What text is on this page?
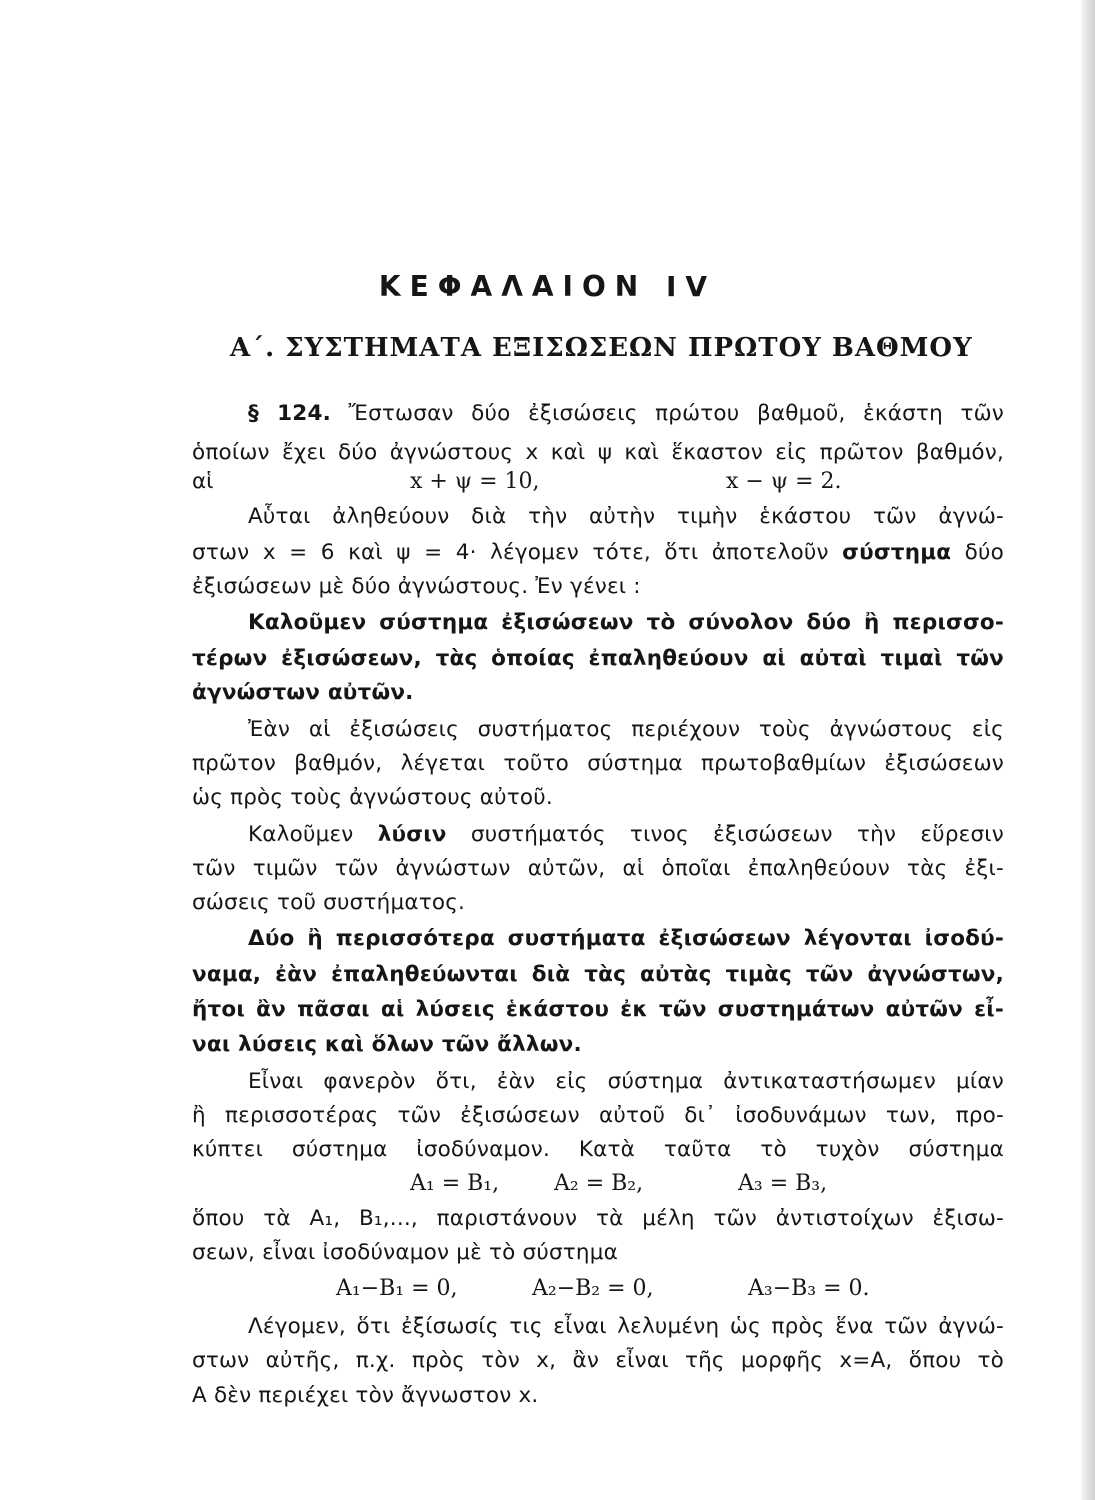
ΚΕΦΑΛΑΙΟΝ IV
Α΄. ΣΥΣΤΗΜΑΤΑ ΕΞΙΣΩΣΕΩΝ ΠΡΩΤΟΥ ΒΑΘΜΟΥ

§ 124. Ἔστωσαν δύο ἐξισώσεις πρώτου βαθμοῦ, ἑκάστη τῶν

ὁποίων ἔχει δύο ἀγνώστους x καὶ ψ καὶ ἕκαστον εἰς πρῶτον βαθμόν,

αἱ	x + ψ = 10,	x − ψ = 2.

Αὗται ἀληθεύουν διὰ τὴν αὐτὴν τιμὴν ἑκάστου τῶν ἀγνώ-

στων x = 6 καὶ ψ = 4· λέγομεν τότε, ὅτι ἀποτελοῦν σύστημα δύο

ἐξισώσεων μὲ δύο ἀγνώστους. Ἐν γένει :

Καλοῦμεν σύστημα ἐξισώσεων τὸ σύνολον δύο ἢ περισσο-

τέρων ἐξισώσεων, τὰς ὁποίας ἐπαληθεύουν αἱ αὐταὶ τιμαὶ τῶν

ἀγνώστων αὐτῶν.

Ἐὰν αἱ ἐξισώσεις συστήματος περιέχουν τοὺς ἀγνώστους εἰς

πρῶτον βαθμόν, λέγεται τοῦτο σύστημα πρωτοβαθμίων ἐξισώσεων

ὡς πρὸς τοὺς ἀγνώστους αὐτοῦ.

Καλοῦμεν λύσιν συστήματός τινος ἐξισώσεων τὴν εὕρεσιν

τῶν τιμῶν τῶν ἀγνώστων αὐτῶν, αἱ ὁποῖαι ἐπαληθεύουν τὰς ἐξι-

σώσεις τοῦ συστήματος.

Δύο ἢ περισσότερα συστήματα ἐξισώσεων λέγονται ἰσοδύ-

ναμα, ἐὰν ἐπαληθεύωνται διὰ τὰς αὐτὰς τιμὰς τῶν ἀγνώστων,

ἤτοι ἂν πᾶσαι αἱ λύσεις ἑκάστου ἐκ τῶν συστημάτων αὐτῶν εἶ-

ναι λύσεις καὶ ὅλων τῶν ἄλλων.

Εἶναι φανερὸν ὅτι, ἐὰν εἰς σύστημα ἀντικαταστήσωμεν μίαν

ἢ περισσοτέρας τῶν ἐξισώσεων αὐτοῦ δι᾽ ἰσοδυνάμων των, προ-

κύπτει σύστημα ἰσοδύναμον. Κατὰ ταῦτα τὸ τυχὸν σύστημα

A₁ = B₁, A₂ = B₂,	A₃ = B₃,

ὅπου τὰ A₁, B₁,..., παριστάνουν τὰ μέλη τῶν ἀντιστοίχων ἐξισω-

σεων, εἶναι ἰσοδύναμον μὲ τὸ σύστημα

A₁−B₁ = 0,	A₂−B₂ = 0,	A₃−B₃ = 0.

Λέγομεν, ὅτι ἐξίσωσίς τις εἶναι λελυμένη ὡς πρὸς ἕνα τῶν ἀγνώ-

στων αὐτῆς, π.χ. πρὸς τὸν x, ἂν εἶναι τῆς μορφῆς x=A, ὅπου τὸ

A δὲν περιέχει τὸν ἄγνωστον x.
